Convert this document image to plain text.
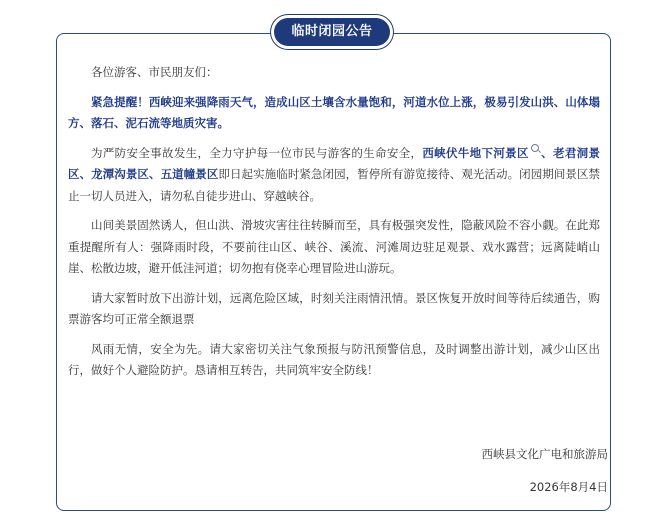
临时闭园公告

各位游客、市民朋友们：

紧急提醒！西峡迎来强降雨天气，造成山区土壤含水量饱和，河道水位上涨，极易引发山洪、山体塌方、落石、泥石流等地质灾害。

为严防安全事故发生，全力守护每一位市民与游客的生命安全，西峡伏牛地下河景区 、老君洞景区、龙潭沟景区、五道幢景区即日起实施临时紧急闭园，暂停所有游览接待、观光活动。闭园期间景区禁止一切人员进入，请勿私自徒步进山、穿越峡谷。

山间美景固然诱人，但山洪、滑坡灾害往往转瞬而至，具有极强突发性，隐蔽风险不容小觑。在此郑重提醒所有人：强降雨时段，不要前往山区、峡谷、溪流、河滩周边驻足观景、戏水露营；远离陡峭山崖、松散边坡，避开低洼河道；切勿抱有侥幸心理冒险进山游玩。

请大家暂时放下出游计划，远离危险区域，时刻关注雨情汛情。景区恢复开放时间等待后续通告，购票游客均可正常全额退票

风雨无情，安全为先。请大家密切关注气象预报与防汛预警信息，及时调整出游计划，减少山区出行，做好个人避险防护。恳请相互转告，共同筑牢安全防线！

西峡县文化广电和旅游局
2026年8月4日
